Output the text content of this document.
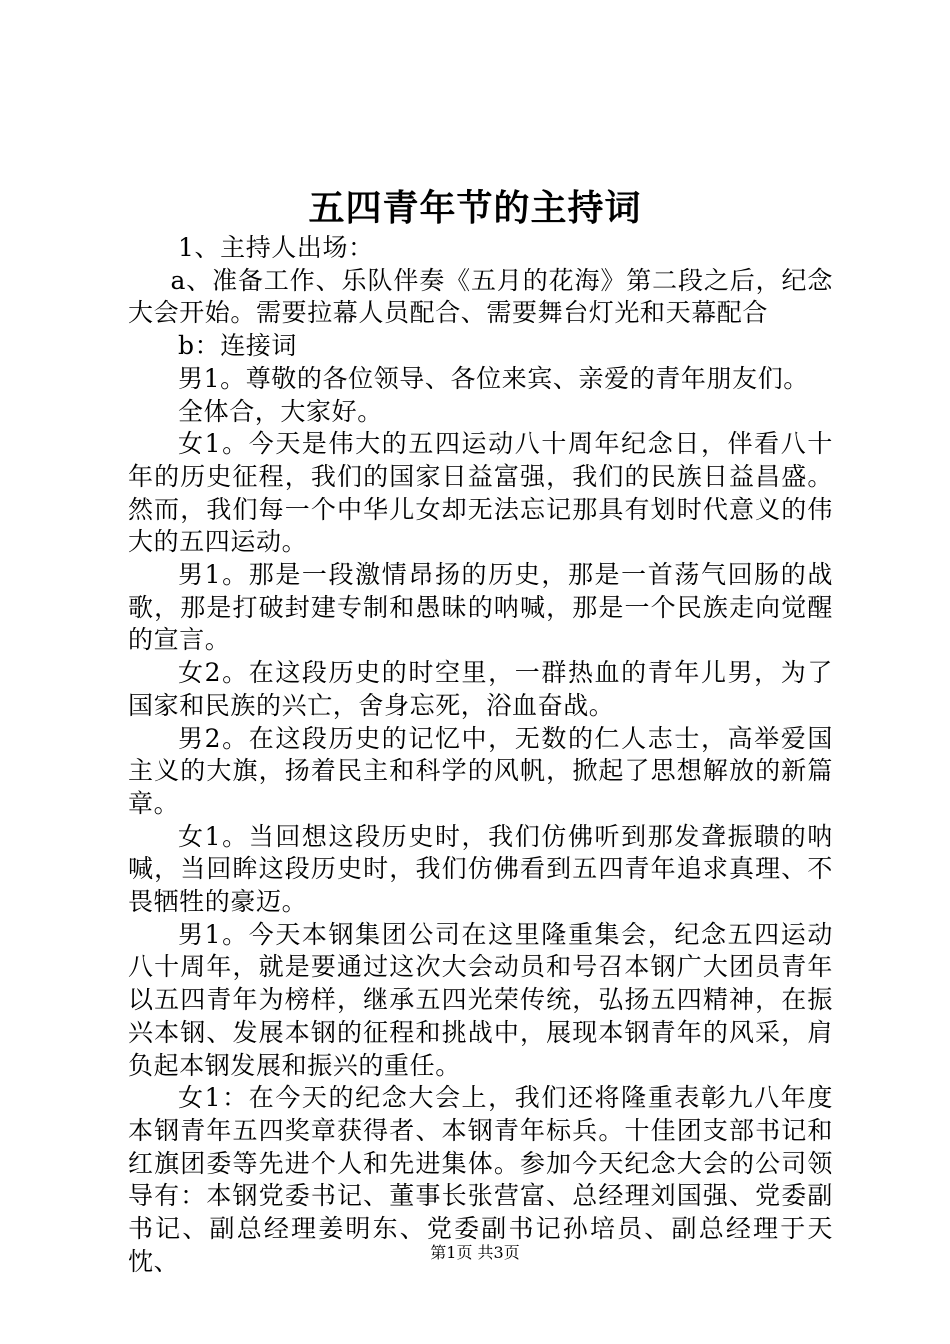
五四青年节的主持词

1、主持人出场：

a、准备工作、乐队伴奏《五月的花海》第二段之后，纪念大会开始。需要拉幕人员配合、需要舞台灯光和天幕配合

b：连接词

男1。尊敬的各位领导、各位来宾、亲爱的青年朋友们。

全体合，大家好。

女1。今天是伟大的五四运动八十周年纪念日，伴看八十年的历史征程，我们的国家日益富强，我们的民族日益昌盛。然而，我们每一个中华儿女却无法忘记那具有划时代意义的伟大的五四运动。

男1。那是一段激情昂扬的历史，那是一首荡气回肠的战歌，那是打破封建专制和愚昧的呐喊，那是一个民族走向觉醒的宣言。

女2。在这段历史的时空里，一群热血的青年儿男，为了国家和民族的兴亡，舍身忘死，浴血奋战。

男2。在这段历史的记忆中，无数的仁人志士，高举爱国主义的大旗，扬着民主和科学的风帆，掀起了思想解放的新篇章。

女1。当回想这段历史时，我们仿佛听到那发聋振聩的呐喊，当回眸这段历史时，我们仿佛看到五四青年追求真理、不畏牺牲的豪迈。

男1。今天本钢集团公司在这里隆重集会，纪念五四运动八十周年，就是要通过这次大会动员和号召本钢广大团员青年以五四青年为榜样，继承五四光荣传统，弘扬五四精神，在振兴本钢、发展本钢的征程和挑战中，展现本钢青年的风采，肩负起本钢发展和振兴的重任。

女1：在今天的纪念大会上，我们还将隆重表彰九八年度本钢青年五四奖章获得者、本钢青年标兵。十佳团支部书记和红旗团委等先进个人和先进集体。参加今天纪念大会的公司领导有：本钢党委书记、董事长张营富、总经理刘国强、党委副书记、副总经理姜明东、党委副书记孙培员、副总经理于天忱、	第1页 共3页
